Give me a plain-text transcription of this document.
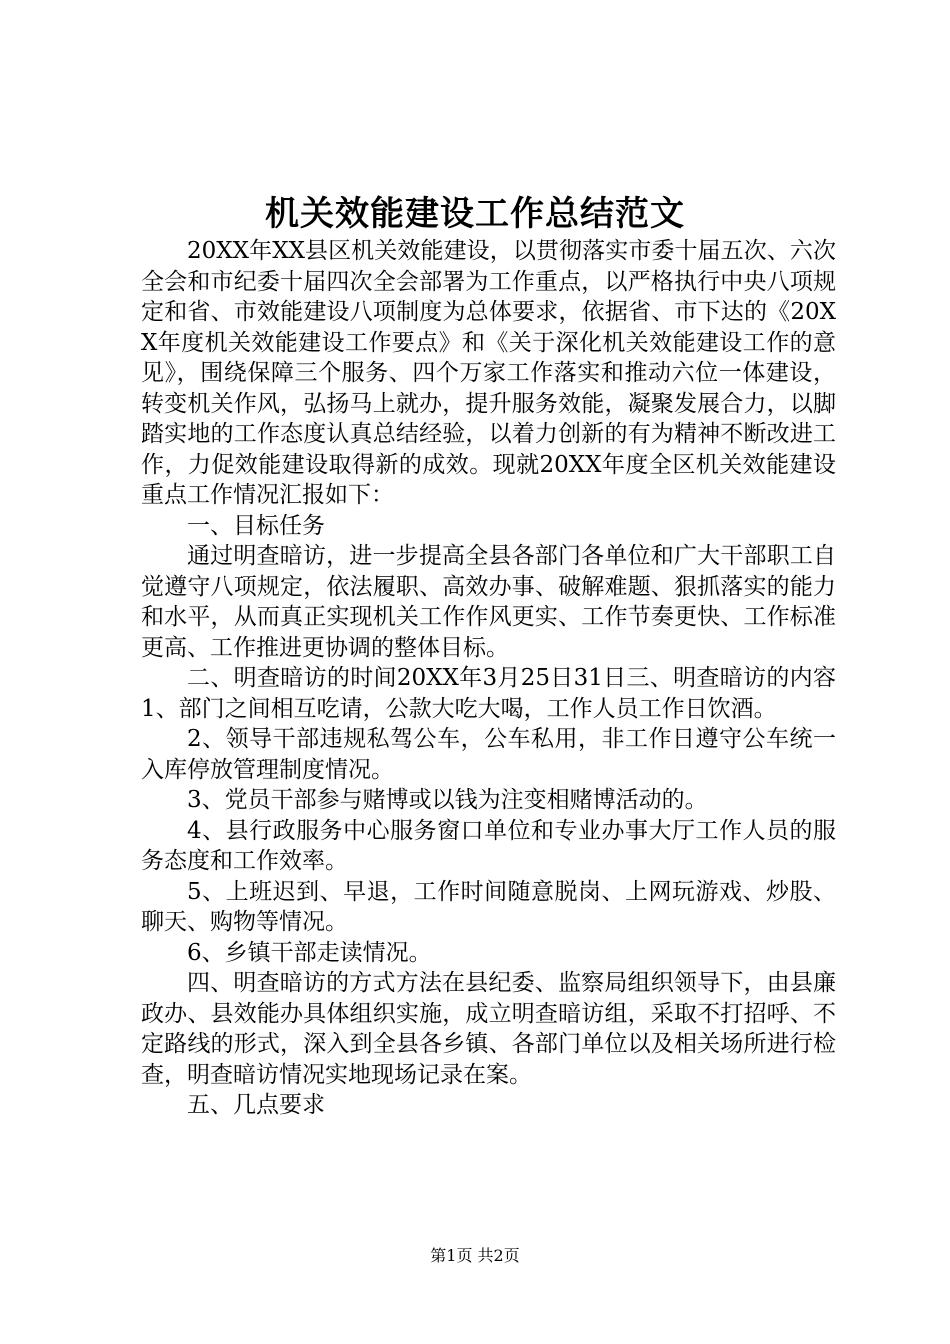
机关效能建设工作总结范文

20XX年XX县区机关效能建设，以贯彻落实市委十届五次、六次全会和市纪委十届四次全会部署为工作重点，以严格执行中央八项规定和省、市效能建设八项制度为总体要求，依据省、市下达的《20XX年度机关效能建设工作要点》和《关于深化机关效能建设工作的意见》，围绕保障三个服务、四个万家工作落实和推动六位一体建设，转变机关作风，弘扬马上就办，提升服务效能，凝聚发展合力，以脚踏实地的工作态度认真总结经验，以着力创新的有为精神不断改进工作，力促效能建设取得新的成效。现就20XX年度全区机关效能建设重点工作情况汇报如下：

一、目标任务

通过明查暗访，进一步提高全县各部门各单位和广大干部职工自觉遵守八项规定，依法履职、高效办事、破解难题、狠抓落实的能力和水平，从而真正实现机关工作作风更实、工作节奏更快、工作标准更高、工作推进更协调的整体目标。

二、明查暗访的时间20XX年3月25日31日三、明查暗访的内容1、部门之间相互吃请，公款大吃大喝，工作人员工作日饮酒。

2、领导干部违规私驾公车，公车私用，非工作日遵守公车统一入库停放管理制度情况。

3、党员干部参与赌博或以钱为注变相赌博活动的。

4、县行政服务中心服务窗口单位和专业办事大厅工作人员的服务态度和工作效率。

5、上班迟到、早退，工作时间随意脱岗、上网玩游戏、炒股、聊天、购物等情况。

6、乡镇干部走读情况。

四、明查暗访的方式方法在县纪委、监察局组织领导下，由县廉政办、县效能办具体组织实施，成立明查暗访组，采取不打招呼、不定路线的形式，深入到全县各乡镇、各部门单位以及相关场所进行检查，明查暗访情况实地现场记录在案。

五、几点要求

第1页 共2页
